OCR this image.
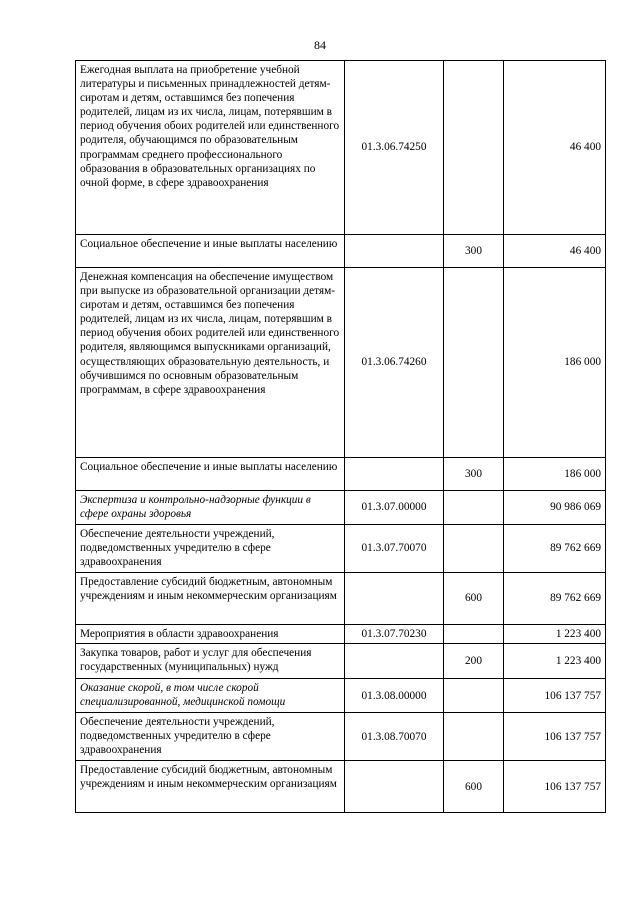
84
Ежегодная выплата на приобретение учебной литературы и письменных принадлежностей детям-сиротам и детям, оставшимся без попечения родителей, лицам из их числа, лицам, потерявшим в период обучения обоих родителей или единственного родителя, обучающимся по образовательным программам среднего профессионального образования в образовательных организациях по очной форме, в сфере здравоохранения	01.3.06.74250		46 400
Социальное обеспечение и иные выплаты населению		300	46 400
Денежная компенсация на обеспечение имуществом при выпуске из образовательной организации детям-сиротам и детям, оставшимся без попечения родителей, лицам из их числа, лицам, потерявшим в период обучения обоих родителей или единственного родителя, являющимся выпускниками организаций, осуществляющих образовательную деятельность, и обучившимся по основным образовательным программам, в сфере здравоохранения	01.3.06.74260		186 000
Социальное обеспечение и иные выплаты населению		300	186 000
Экспертиза и контрольно-надзорные функции в сфере охраны здоровья	01.3.07.00000		90 986 069
Обеспечение деятельности учреждений, подведомственных учредителю в сфере здравоохранения	01.3.07.70070		89 762 669
Предоставление субсидий бюджетным, автономным учреждениям и иным некоммерческим организациям		600	89 762 669
Мероприятия в области здравоохранения	01.3.07.70230		1 223 400
Закупка товаров, работ и услуг для обеспечения государственных (муниципальных) нужд		200	1 223 400
Оказание скорой, в том числе скорой специализированной, медицинской помощи	01.3.08.00000		106 137 757
Обеспечение деятельности учреждений, подведомственных учредителю в сфере здравоохранения	01.3.08.70070		106 137 757
Предоставление субсидий бюджетным, автономным учреждениям и иным некоммерческим организациям		600	106 137 757
